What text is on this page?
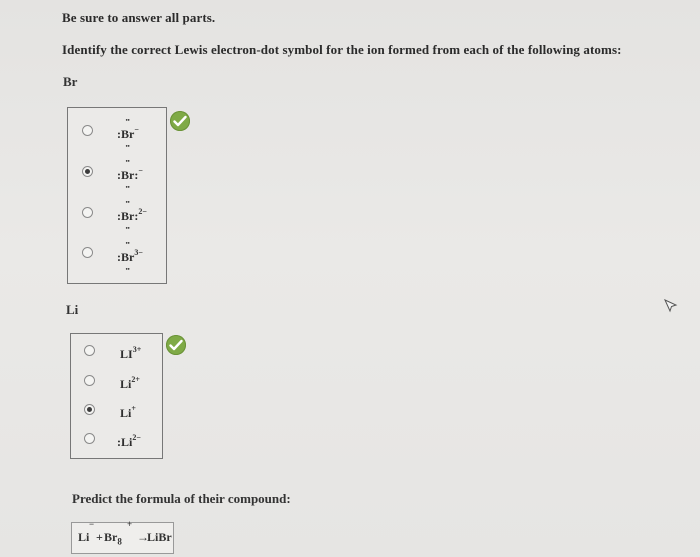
Be sure to answer all parts.
Identify the correct Lewis electron-dot symbol for the ion formed from each of the following atoms:
Br
:•• Br ••−
:•• Br ••:−
:•• Br ••:$^{2-}$
:•• Br ••$^{3-}$
Li
$LI^{3+}$
$Li^{2+}$
Li+
$:Li^{2-}$
Predict the formula of their compound:
−
$Li + Br_8$
+
→
LiBr
